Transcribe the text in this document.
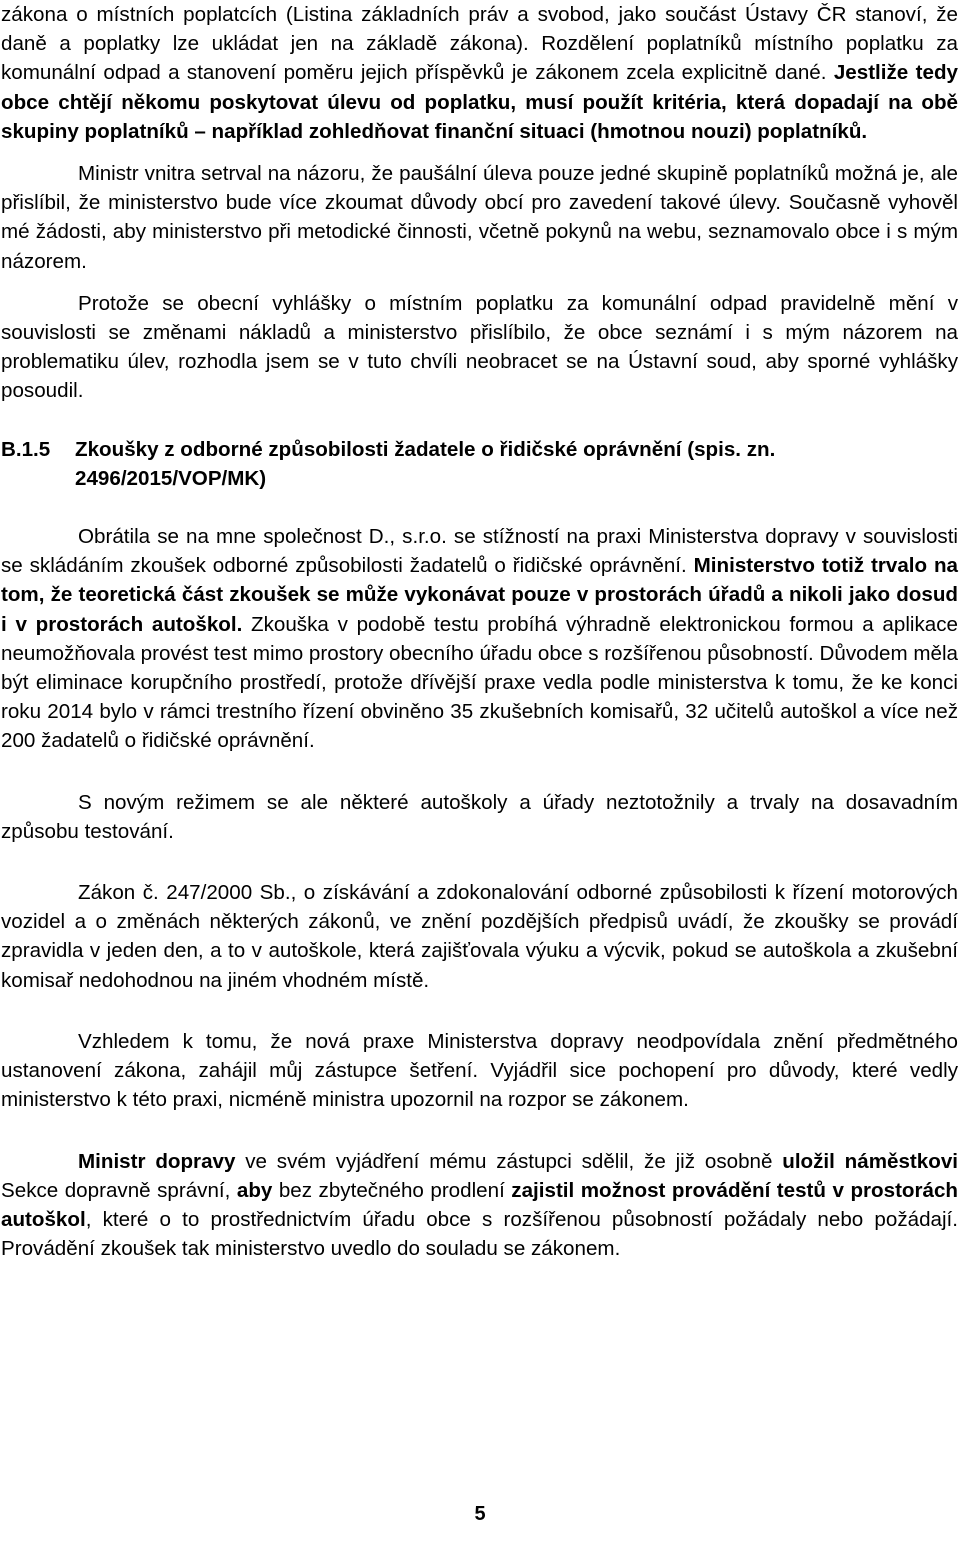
zákona o místních poplatcích (Listina základních práv a svobod, jako součást Ústavy ČR stanoví, že daně a poplatky lze ukládat jen na základě zákona). Rozdělení poplatníků místního poplatku za komunální odpad a stanovení poměru jejich příspěvků je zákonem zcela explicitně dané. Jestliže tedy obce chtějí někomu poskytovat úlevu od poplatku, musí použít kritéria, která dopadají na obě skupiny poplatníků – například zohledňovat finanční situaci (hmotnou nouzi) poplatníků.

Ministr vnitra setrval na názoru, že paušální úleva pouze jedné skupině poplatníků možná je, ale přislíbil, že ministerstvo bude více zkoumat důvody obcí pro zavedení takové úlevy. Současně vyhověl mé žádosti, aby ministerstvo při metodické činnosti, včetně pokynů na webu, seznamovalo obce i s mým názorem.

Protože se obecní vyhlášky o místním poplatku za komunální odpad pravidelně mění v souvislosti se změnami nákladů a ministerstvo přislíbilo, že obce seznámí i s mým názorem na problematiku úlev, rozhodla jsem se v tuto chvíli neobracet se na Ústavní soud, aby sporné vyhlášky posoudil.

B.1.5	Zkoušky z odborné způsobilosti žadatele o řidičské oprávnění (spis. zn. 2496/2015/VOP/MK)

Obrátila se na mne společnost D., s.r.o. se stížností na praxi Ministerstva dopravy v souvislosti se skládáním zkoušek odborné způsobilosti žadatelů o řidičské oprávnění. Ministerstvo totiž trvalo na tom, že teoretická část zkoušek se může vykonávat pouze v prostorách úřadů a nikoli jako dosud i v prostorách autoškol. Zkouška v podobě testu probíhá výhradně elektronickou formou a aplikace neumožňovala provést test mimo prostory obecního úřadu obce s rozšířenou působností. Důvodem měla být eliminace korupčního prostředí, protože dřívější praxe vedla podle ministerstva k tomu, že ke konci roku 2014 bylo v rámci trestního řízení obviněno 35 zkušebních komisařů, 32 učitelů autoškol a více než 200 žadatelů o řidičské oprávnění.

S novým režimem se ale některé autoškoly a úřady neztotožnily a trvaly na dosavadním způsobu testování.

Zákon č. 247/2000 Sb., o získávání a zdokonalování odborné způsobilosti k řízení motorových vozidel a o změnách některých zákonů, ve znění pozdějších předpisů uvádí, že zkoušky se provádí zpravidla v jeden den, a to v autoškole, která zajišťovala výuku a výcvik, pokud se autoškola a zkušební komisař nedohodnou na jiném vhodném místě.

Vzhledem k tomu, že nová praxe Ministerstva dopravy neodpovídala znění předmětného ustanovení zákona, zahájil můj zástupce šetření. Vyjádřil sice pochopení pro důvody, které vedly ministerstvo k této praxi, nicméně ministra upozornil na rozpor se zákonem.

Ministr dopravy ve svém vyjádření mému zástupci sdělil, že již osobně uložil náměstkovi Sekce dopravně správní, aby bez zbytečného prodlení zajistil možnost provádění testů v prostorách autoškol, které o to prostřednictvím úřadu obce s rozšířenou působností požádaly nebo požádají. Provádění zkoušek tak ministerstvo uvedlo do souladu se zákonem.

5
